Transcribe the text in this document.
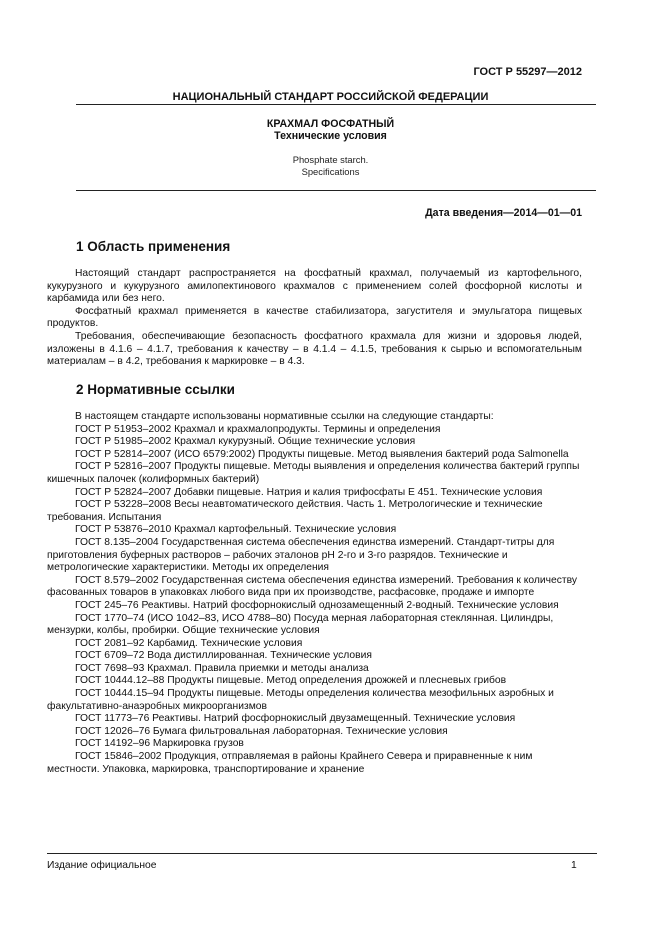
ГОСТ Р 55297—2012
НАЦИОНАЛЬНЫЙ СТАНДАРТ РОССИЙСКОЙ ФЕДЕРАЦИИ
КРАХМАЛ ФОСФАТНЫЙ
Технические условия
Phosphate starch.
Specifications
Дата введения—2014—01—01
1 Область применения

Настоящий стандарт распространяется на фосфатный крахмал, получаемый из картофельного, кукурузного и кукурузного амилопектинового крахмалов с применением солей фосфорной кислоты и карбамида или без него.

Фосфатный крахмал применяется в качестве стабилизатора, загустителя и эмульгатора пищевых продуктов.

Требования, обеспечивающие безопасность фосфатного крахмала для жизни и здоровья людей, изложены в 4.1.6 – 4.1.7, требования к качеству – в 4.1.4 – 4.1.5, требования к сырью и вспомогательным материалам – в 4.2, требования к маркировке – в 4.3.

2 Нормативные ссылки

В настоящем стандарте использованы нормативные ссылки на следующие стандарты:

ГОСТ Р 51953–2002 Крахмал и крахмалопродукты. Термины и определения

ГОСТ Р 51985–2002 Крахмал кукурузный. Общие технические условия

ГОСТ Р 52814–2007 (ИСО 6579:2002) Продукты пищевые. Метод выявления бактерий рода Salmonella

ГОСТ Р 52816–2007 Продукты пищевые. Методы выявления и определения количества бактерий группы кишечных палочек (колиформных бактерий)

ГОСТ Р 52824–2007 Добавки пищевые. Натрия и калия трифосфаты Е 451. Технические условия

ГОСТ Р 53228–2008 Весы неавтоматического действия. Часть 1. Метрологические и технические требования. Испытания

ГОСТ Р 53876–2010 Крахмал картофельный. Технические условия

ГОСТ 8.135–2004 Государственная система обеспечения единства измерений. Стандарт-титры для приготовления буферных растворов – рабочих эталонов рН 2-го и 3-го разрядов. Технические и метрологические характеристики. Методы их определения

ГОСТ 8.579–2002 Государственная система обеспечения единства измерений. Требования к количеству фасованных товаров в упаковках любого вида при их производстве, расфасовке, продаже и импорте

ГОСТ 245–76 Реактивы. Натрий фосфорнокислый однозамещенный 2-водный. Технические условия

ГОСТ 1770–74 (ИСО 1042–83, ИСО 4788–80) Посуда мерная лабораторная стеклянная. Цилиндры, мензурки, колбы, пробирки. Общие технические условия

ГОСТ 2081–92 Карбамид. Технические условия

ГОСТ 6709–72 Вода дистиллированная. Технические условия

ГОСТ 7698–93 Крахмал. Правила приемки и методы анализа

ГОСТ 10444.12–88 Продукты пищевые. Метод определения дрожжей и плесневых грибов

ГОСТ 10444.15–94 Продукты пищевые. Методы определения количества мезофильных аэробных и факультативно-анаэробных микроорганизмов

ГОСТ 11773–76 Реактивы. Натрий фосфорнокислый двузамещенный. Технические условия

ГОСТ 12026–76 Бумага фильтровальная лабораторная. Технические условия

ГОСТ 14192–96 Маркировка грузов

ГОСТ 15846–2002 Продукция, отправляемая в районы Крайнего Севера и приравненные к ним местности. Упаковка, маркировка, транспортирование и хранение

Издание официальное	1
